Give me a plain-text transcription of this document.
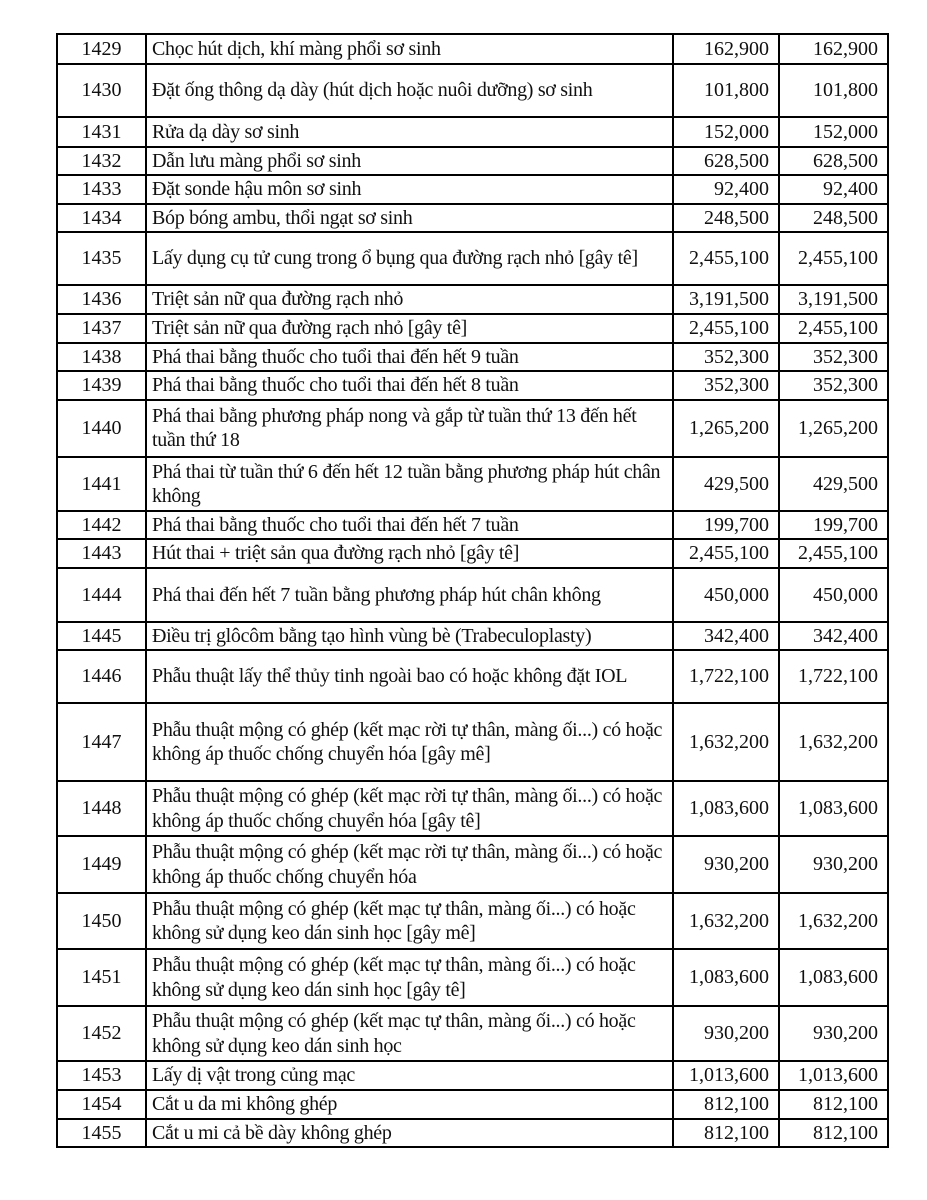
1429	Chọc hút dịch, khí màng phổi sơ sinh	162,900	162,900
1430	Đặt ống thông dạ dày (hút dịch hoặc nuôi dưỡng) sơ sinh	101,800	101,800
1431	Rửa dạ dày sơ sinh	152,000	152,000
1432	Dẫn lưu màng phổi sơ sinh	628,500	628,500
1433	Đặt sonde hậu môn sơ sinh	92,400	92,400
1434	Bóp bóng ambu, thổi ngạt sơ sinh	248,500	248,500
1435	Lấy dụng cụ tử cung trong ổ bụng qua đường rạch nhỏ [gây tê]	2,455,100	2,455,100
1436	Triệt sản nữ qua đường rạch nhỏ	3,191,500	3,191,500
1437	Triệt sản nữ qua đường rạch nhỏ [gây tê]	2,455,100	2,455,100
1438	Phá thai bằng thuốc cho tuổi thai đến hết 9 tuần	352,300	352,300
1439	Phá thai bằng thuốc cho tuổi thai đến hết 8 tuần	352,300	352,300
1440	Phá thai bằng phương pháp nong và gắp từ tuần thứ 13 đến hết tuần thứ 18	1,265,200	1,265,200
1441	Phá thai từ tuần thứ 6 đến hết 12 tuần bằng phương pháp hút chân không	429,500	429,500
1442	Phá thai bằng thuốc cho tuổi thai đến hết 7 tuần	199,700	199,700
1443	Hút thai + triệt sản qua đường rạch nhỏ [gây tê]	2,455,100	2,455,100
1444	Phá thai đến hết 7 tuần bằng phương pháp hút chân không	450,000	450,000
1445	Điều trị glôcôm bằng tạo hình vùng bè (Trabeculoplasty)	342,400	342,400
1446	Phẫu thuật lấy thể thủy tinh ngoài bao có hoặc không đặt IOL	1,722,100	1,722,100
1447	Phẫu thuật mộng có ghép (kết mạc rời tự thân, màng ối...) có hoặc không áp thuốc chống chuyển hóa [gây mê]	1,632,200	1,632,200
1448	Phẫu thuật mộng có ghép (kết mạc rời tự thân, màng ối...) có hoặc không áp thuốc chống chuyển hóa [gây tê]	1,083,600	1,083,600
1449	Phẫu thuật mộng có ghép (kết mạc rời tự thân, màng ối...) có hoặc không áp thuốc chống chuyển hóa	930,200	930,200
1450	Phẫu thuật mộng có ghép (kết mạc tự thân, màng ối...) có hoặc không sử dụng keo dán sinh học [gây mê]	1,632,200	1,632,200
1451	Phẫu thuật mộng có ghép (kết mạc tự thân, màng ối...) có hoặc không sử dụng keo dán sinh học [gây tê]	1,083,600	1,083,600
1452	Phẫu thuật mộng có ghép (kết mạc tự thân, màng ối...) có hoặc không sử dụng keo dán sinh học	930,200	930,200
1453	Lấy dị vật trong củng mạc	1,013,600	1,013,600
1454	Cắt u da mi không ghép	812,100	812,100
1455	Cắt u mi cả bề dày không ghép	812,100	812,100
